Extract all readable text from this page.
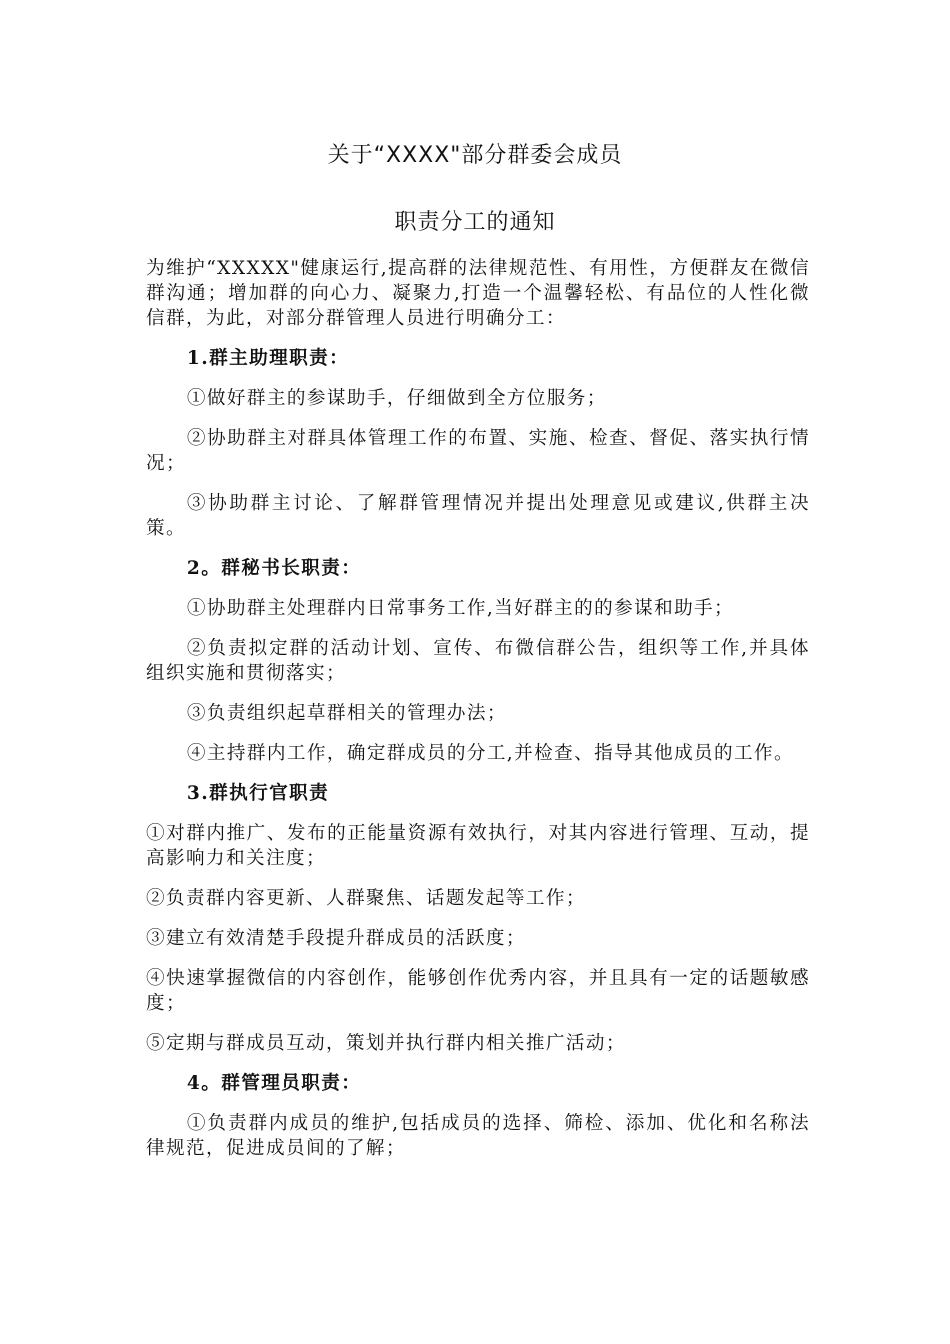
关于“XXXX"部分群委会成员
职责分工的通知

为维护“XXXXX"健康运行,提高群的法律规范性、有用性，方便群友在微信群沟通；增加群的向心力、凝聚力,打造一个温馨轻松、有品位的人性化微信群，为此，对部分群管理人员进行明确分工：

1.群主助理职责：

①做好群主的参谋助手，仔细做到全方位服务；

②协助群主对群具体管理工作的布置、实施、检查、督促、落实执行情况；

③协助群主讨论、了解群管理情况并提出处理意见或建议,供群主决策。

2。群秘书长职责：

①协助群主处理群内日常事务工作,当好群主的的参谋和助手；

②负责拟定群的活动计划、宣传、布微信群公告，组织等工作,并具体组织实施和贯彻落实；

③负责组织起草群相关的管理办法；

④主持群内工作，确定群成员的分工,并检查、指导其他成员的工作。

3.群执行官职责

①对群内推广、发布的正能量资源有效执行，对其内容进行管理、互动，提高影响力和关注度；

②负责群内容更新、人群聚焦、话题发起等工作；

③建立有效清楚手段提升群成员的活跃度；

④快速掌握微信的内容创作，能够创作优秀内容，并且具有一定的话题敏感度；

⑤定期与群成员互动，策划并执行群内相关推广活动；

4。群管理员职责：

①负责群内成员的维护,包括成员的选择、筛检、添加、优化和名称法律规范，促进成员间的了解；
